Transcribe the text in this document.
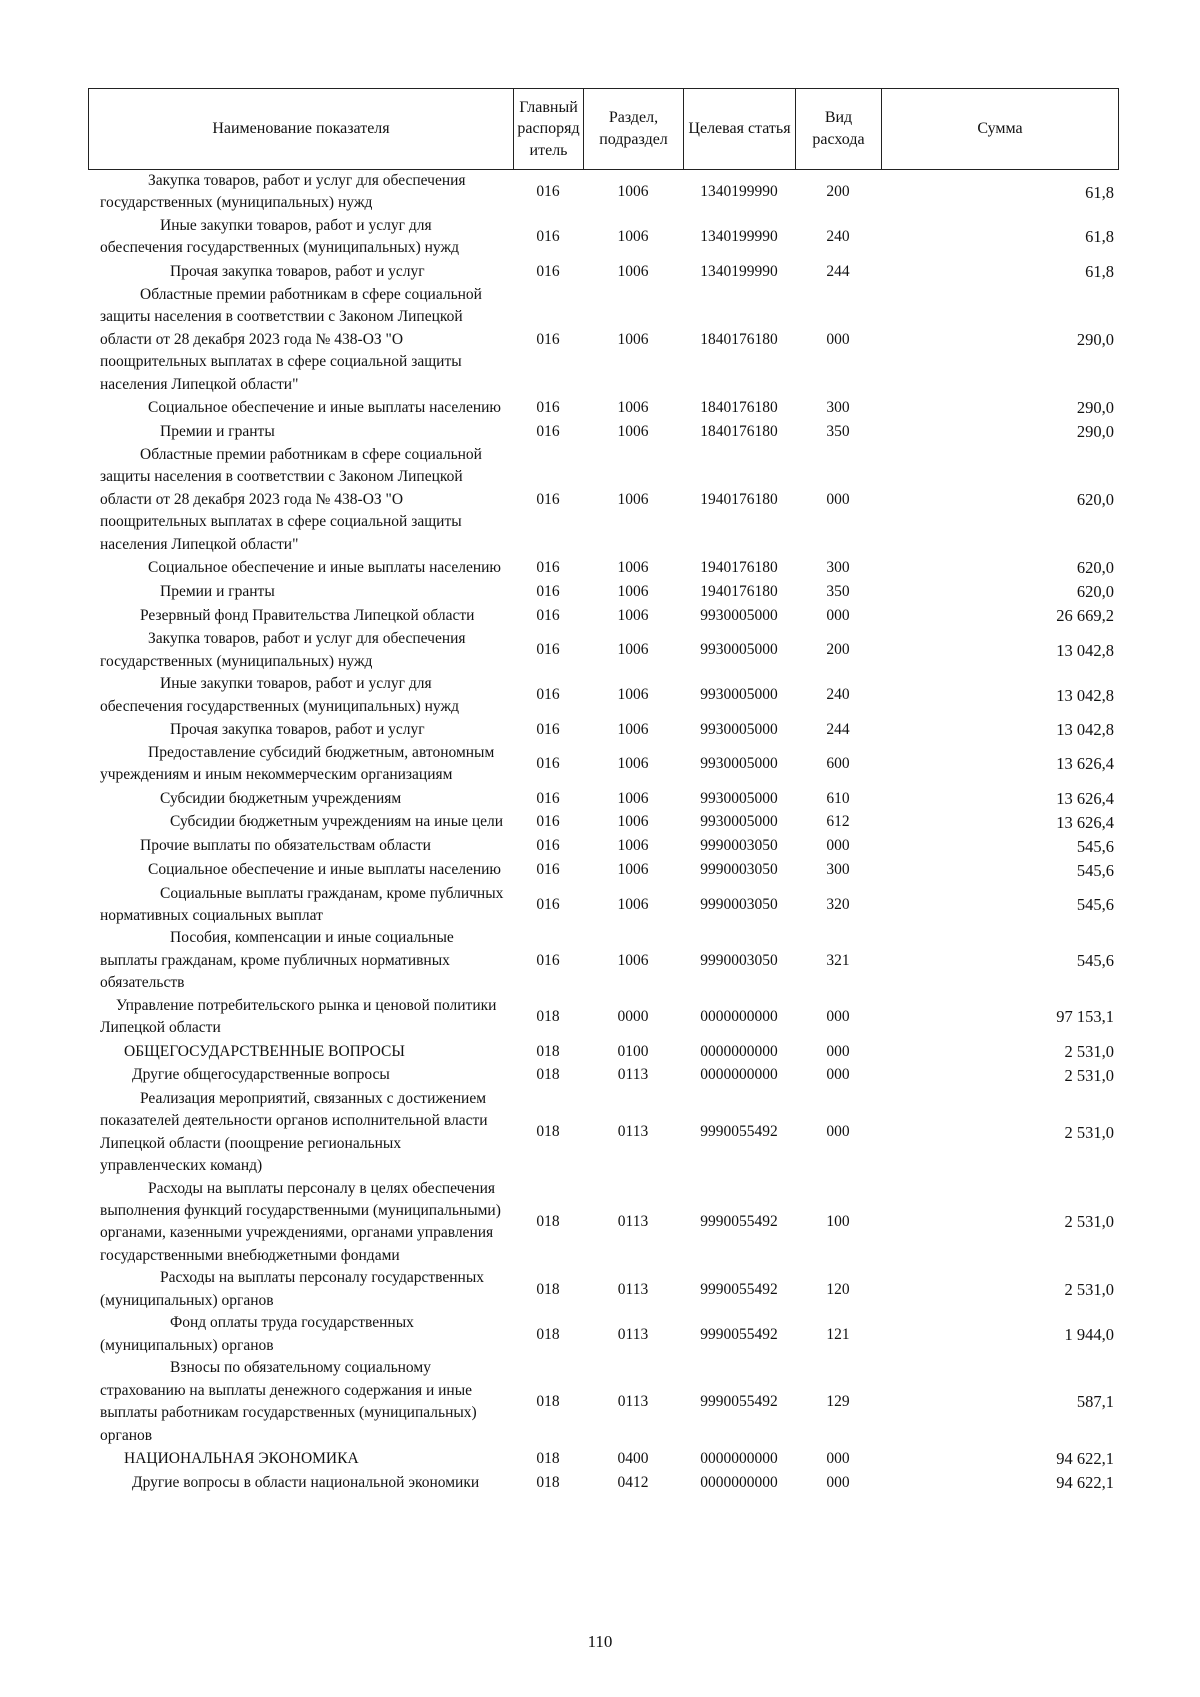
Наименование показателя	Главный распоряд итель	Раздел, подраздел	Целевая статья	Вид расхода	Сумма
Закупка товаров, работ и услуг для обеспечения государственных (муниципальных) нужд	016	1006	1340199990	200	61,8
Иные закупки товаров, работ и услуг для обеспечения государственных (муниципальных) нужд	016	1006	1340199990	240	61,8
Прочая закупка товаров, работ и услуг	016	1006	1340199990	244	61,8
Областные премии работникам в сфере социальной защиты населения в соответствии с Законом Липецкой области от 28 декабря 2023 года № 438-ОЗ "О поощрительных выплатах в сфере социальной защиты населения Липецкой области"	016	1006	1840176180	000	290,0
Социальное обеспечение и иные выплаты населению	016	1006	1840176180	300	290,0
Премии и гранты	016	1006	1840176180	350	290,0
Областные премии работникам в сфере социальной защиты населения в соответствии с Законом Липецкой области от 28 декабря 2023 года № 438-ОЗ "О поощрительных выплатах в сфере социальной защиты населения Липецкой области"	016	1006	1940176180	000	620,0
Социальное обеспечение и иные выплаты населению	016	1006	1940176180	300	620,0
Премии и гранты	016	1006	1940176180	350	620,0
Резервный фонд Правительства Липецкой области	016	1006	9930005000	000	26 669,2
Закупка товаров, работ и услуг для обеспечения государственных (муниципальных) нужд	016	1006	9930005000	200	13 042,8
Иные закупки товаров, работ и услуг для обеспечения государственных (муниципальных) нужд	016	1006	9930005000	240	13 042,8
Прочая закупка товаров, работ и услуг	016	1006	9930005000	244	13 042,8
Предоставление субсидий бюджетным, автономным учреждениям и иным некоммерческим организациям	016	1006	9930005000	600	13 626,4
Субсидии бюджетным учреждениям	016	1006	9930005000	610	13 626,4
Субсидии бюджетным учреждениям на иные цели	016	1006	9930005000	612	13 626,4
Прочие выплаты по обязательствам области	016	1006	9990003050	000	545,6
Социальное обеспечение и иные выплаты населению	016	1006	9990003050	300	545,6
Социальные выплаты гражданам, кроме публичных нормативных социальных выплат	016	1006	9990003050	320	545,6
Пособия, компенсации и иные социальные выплаты гражданам, кроме публичных нормативных обязательств	016	1006	9990003050	321	545,6
Управление потребительского рынка и ценовой политики Липецкой области	018	0000	0000000000	000	97 153,1
ОБЩЕГОСУДАРСТВЕННЫЕ ВОПРОСЫ	018	0100	0000000000	000	2 531,0
Другие общегосударственные вопросы	018	0113	0000000000	000	2 531,0
Реализация мероприятий, связанных с достижением показателей деятельности органов исполнительной власти Липецкой области (поощрение региональных управленческих команд)	018	0113	9990055492	000	2 531,0
Расходы на выплаты персоналу в целях обеспечения выполнения функций государственными (муниципальными) органами, казенными учреждениями, органами управления государственными внебюджетными фондами	018	0113	9990055492	100	2 531,0
Расходы на выплаты персоналу государственных (муниципальных) органов	018	0113	9990055492	120	2 531,0
Фонд оплаты труда государственных (муниципальных) органов	018	0113	9990055492	121	1 944,0
Взносы по обязательному социальному страхованию на выплаты денежного содержания и иные выплаты работникам государственных (муниципальных) органов	018	0113	9990055492	129	587,1
НАЦИОНАЛЬНАЯ ЭКОНОМИКА	018	0400	0000000000	000	94 622,1
Другие вопросы в области национальной экономики	018	0412	0000000000	000	94 622,1
110
